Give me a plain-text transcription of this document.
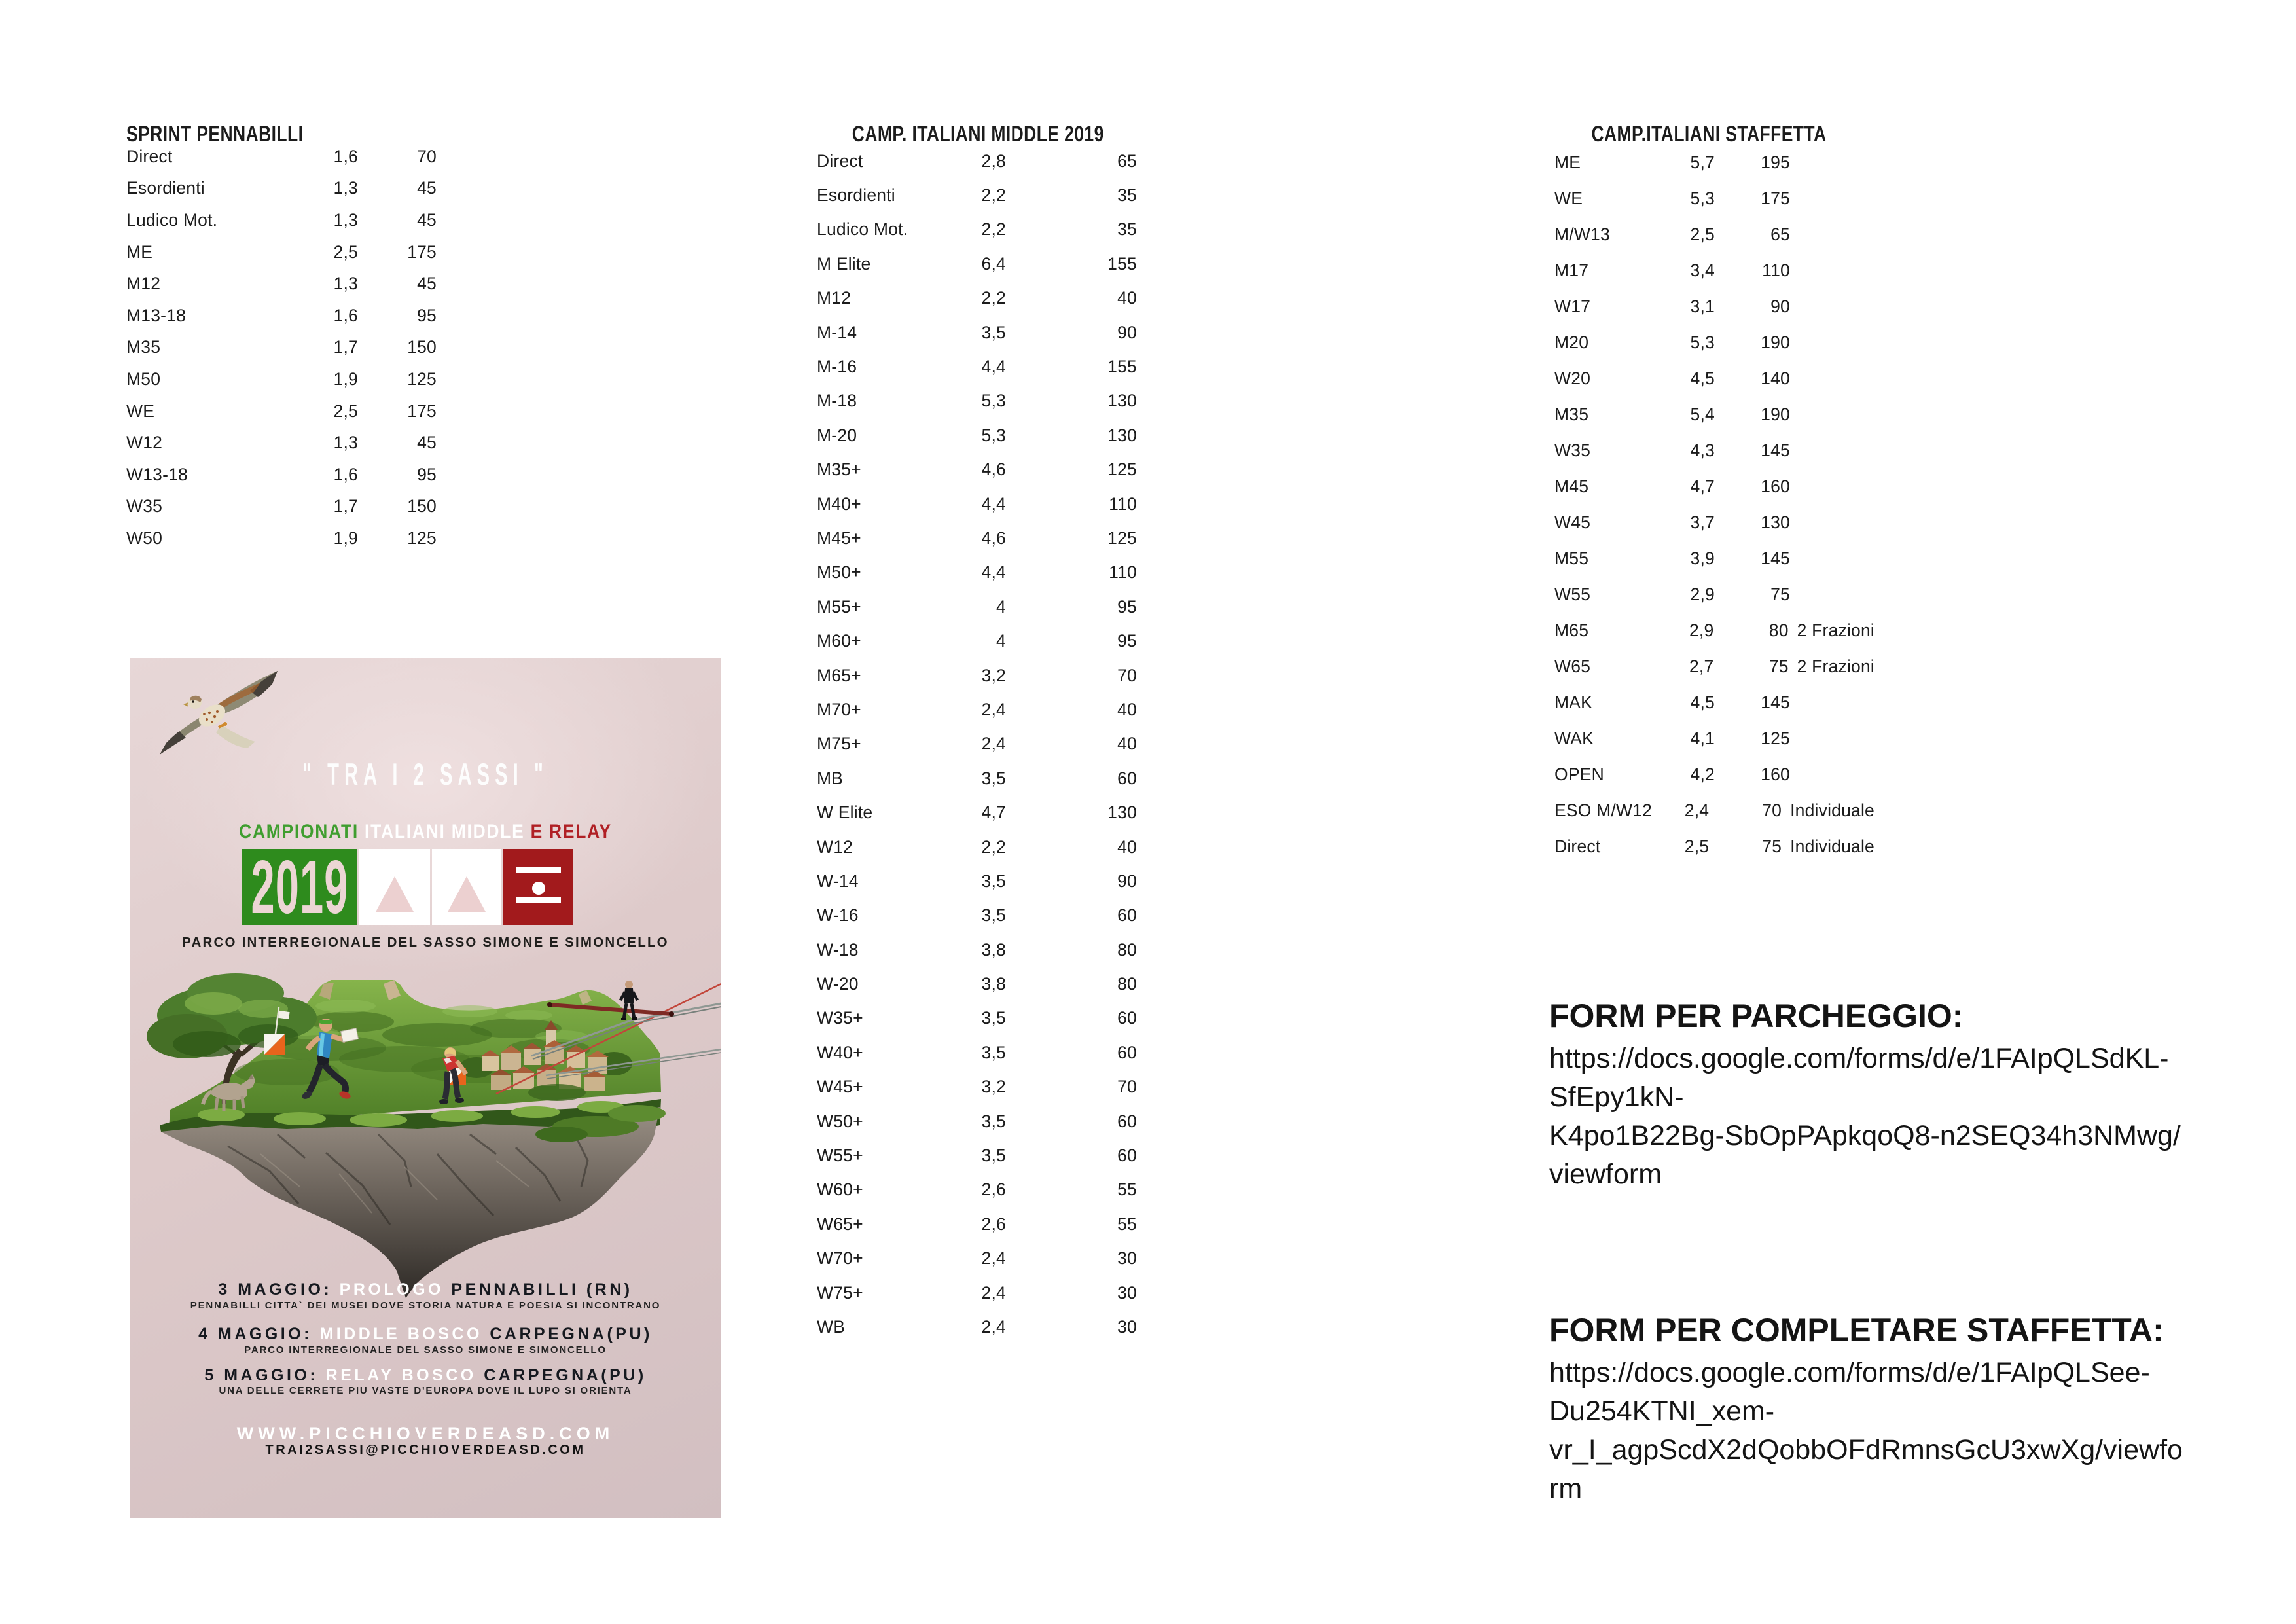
SPRINT PENNABILLI
Direct	1,6	70
Esordienti	1,3	45
Ludico Mot.	1,3	45
ME	2,5	175
M12	1,3	45
M13-18	1,6	95
M35	1,7	150
M50	1,9	125
WE	2,5	175
W12	1,3	45
W13-18	1,6	95
W35	1,7	150
W50	1,9	125
CAMP. ITALIANI MIDDLE 2019
Direct	2,8	65
Esordienti	2,2	35
Ludico Mot.	2,2	35
M Elite	6,4	155
M12	2,2	40
M-14	3,5	90
M-16	4,4	155
M-18	5,3	130
M-20	5,3	130
M35+	4,6	125
M40+	4,4	110
M45+	4,6	125
M50+	4,4	110
M55+	4	95
M60+	4	95
M65+	3,2	70
M70+	2,4	40
M75+	2,4	40
MB	3,5	60
W Elite	4,7	130
W12	2,2	40
W-14	3,5	90
W-16	3,5	60
W-18	3,8	80
W-20	3,8	80
W35+	3,5	60
W40+	3,5	60
W45+	3,2	70
W50+	3,5	60
W55+	3,5	60
W60+	2,6	55
W65+	2,6	55
W70+	2,4	30
W75+	2,4	30
WB	2,4	30
CAMP.ITALIANI STAFFETTA
ME	5,7	195
WE	5,3	175
M/W13	2,5	65
M17	3,4	110
W17	3,1	90
M20	5,3	190
W20	4,5	140
M35	5,4	190
W35	4,3	145
M45	4,7	160
W45	3,7	130
M55	3,9	145
W55	2,9	75
M65	2,9	80 2 Frazioni
W65	2,7	75 2 Frazioni
MAK	4,5	145
WAK	4,1	125
OPEN	4,2	160
ESO M/W12	2,4	70 Individuale
Direct	2,5	75 Individuale
" TRA I 2 SASSI "
CAMPIONATI ITALIANI MIDDLE E RELAY
2019
PARCO INTERREGIONALE DEL SASSO SIMONE E SIMONCELLO
3 MAGGIO: PROLOGO PENNABILLI (RN)
PENNABILLI CITTA` DEI MUSEI DOVE STORIA NATURA E POESIA SI INCONTRANO
4 MAGGIO: MIDDLE BOSCO CARPEGNA(PU)
PARCO INTERREGIONALE DEL SASSO SIMONE E SIMONCELLO
5 MAGGIO: RELAY BOSCO CARPEGNA(PU)
UNA DELLE CERRETE PIU VASTE D'EUROPA DOVE IL LUPO SI ORIENTA
WWW.PICCHIOVERDEASD.COM
TRAI2SASSI@PICCHIOVERDEASD.COM
FORM PER PARCHEGGIO:
https://docs.google.com/forms/d/e/1FAIpQLSdKL-
SfEpy1kN-
K4po1B22Bg-SbOpPApkqoQ8-n2SEQ34h3NMwg/
viewform
FORM PER COMPLETARE STAFFETTA:
https://docs.google.com/forms/d/e/1FAIpQLSee-
Du254KTNI_xem-
vr_I_agpScdX2dQobbOFdRmnsGcU3xwXg/viewfo
rm
